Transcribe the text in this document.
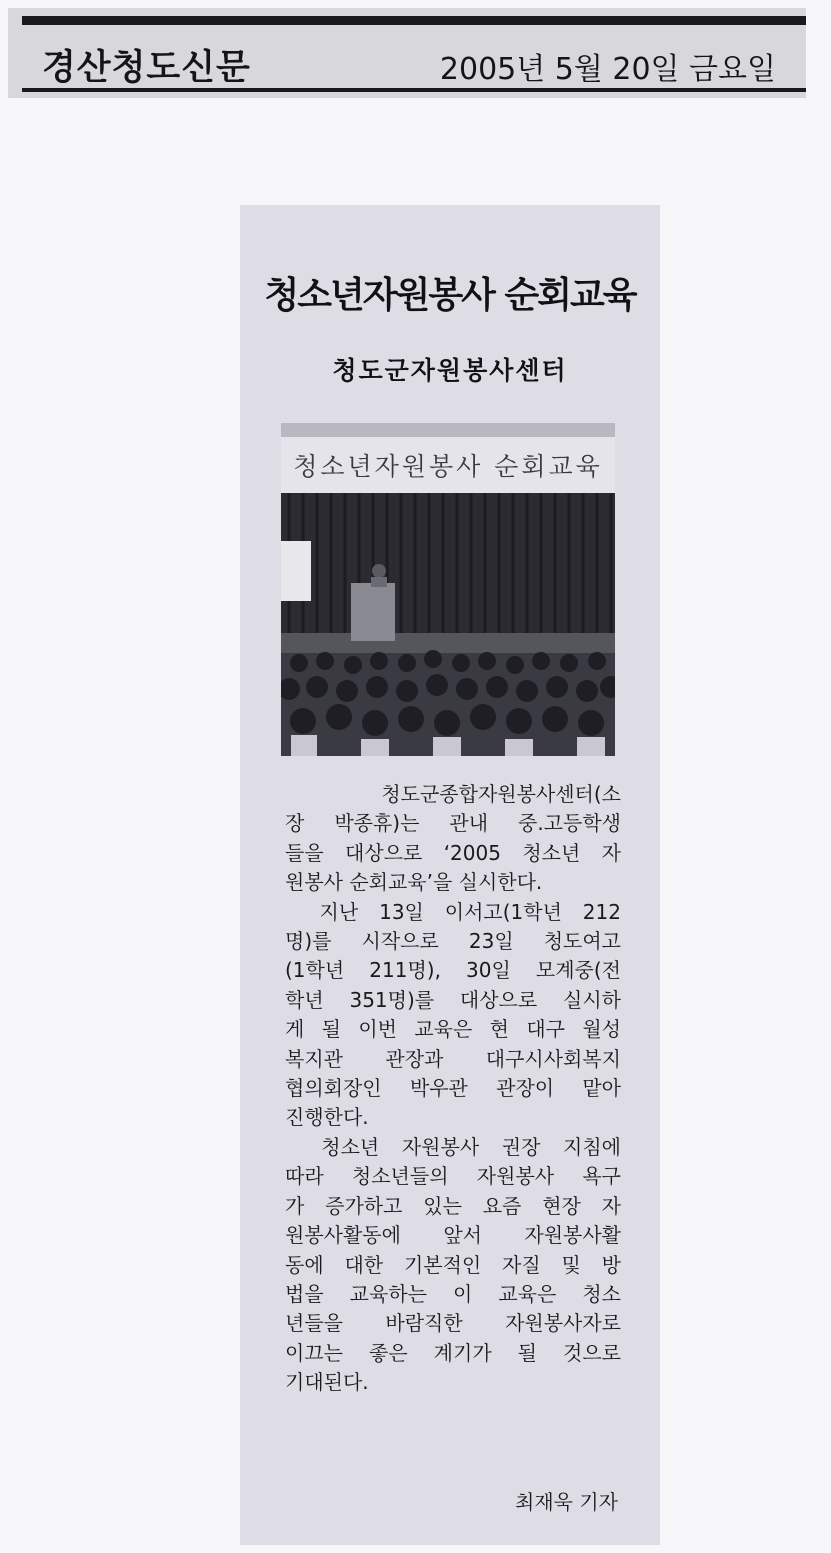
경산청도신문	2005년 5월 20일 금요일
청소년자원봉사 순회교육
청도군자원봉사센터
청소년자원봉사 순회교육
　청도군종합자원봉사센터(소
장 박종휴)는 관내 중.고등학생
들을 대상으로 ‘2005 청소년 자
원봉사 순회교육’을 실시한다.
　지난 13일 이서고(1학년 212
명)를 시작으로 23일 청도여고
(1학년 211명), 30일 모계중(전
학년 351명)를 대상으로 실시하
게 될 이번 교육은 현 대구 월성
복지관 관장과 대구시사회복지
협의회장인 박우관 관장이 맡아
진행한다.
　청소년 자원봉사 권장 지침에
따라 청소년들의 자원봉사 욕구
가 증가하고 있는 요즘 현장 자
원봉사활동에 앞서 자원봉사활
동에 대한 기본적인 자질 및 방
법을 교육하는 이 교육은 청소
년들을 바람직한 자원봉사자로
이끄는 좋은 계기가 될 것으로
기대된다.
최재욱 기자
